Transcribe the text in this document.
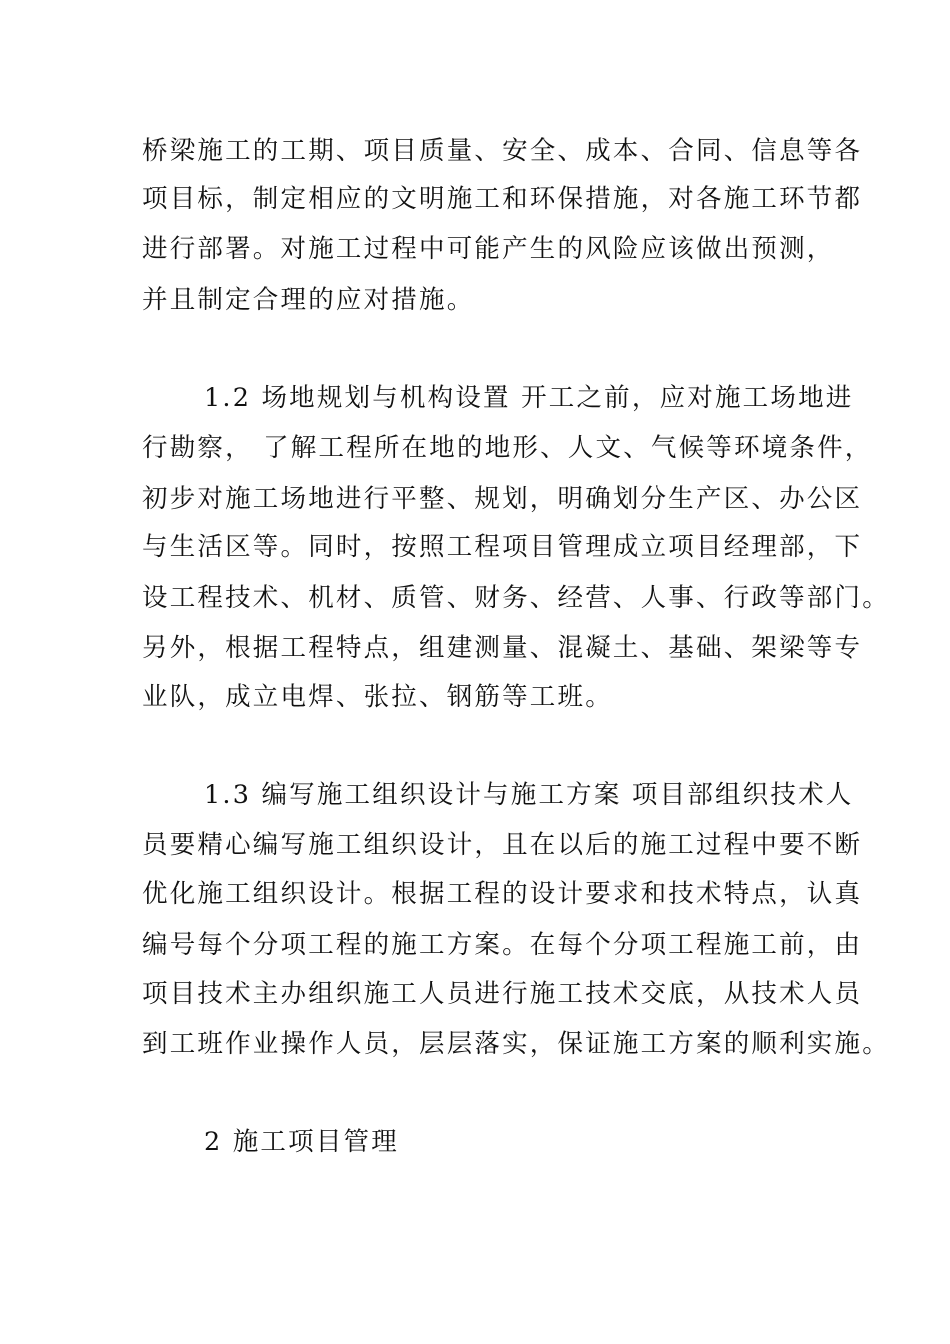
桥梁施工的工期、项目质量、安全、成本、合同、信息等各
项目标，制定相应的文明施工和环保措施，对各施工环节都
进行部署。对施工过程中可能产生的风险应该做出预测，
并且制定合理的应对措施。
1.2 场地规划与机构设置 开工之前，应对施工场地进
行勘察， 了解工程所在地的地形、人文、气候等环境条件，
初步对施工场地进行平整、规划，明确划分生产区、办公区
与生活区等。同时，按照工程项目管理成立项目经理部，下
设工程技术、机材、质管、财务、经营、人事、行政等部门。
另外，根据工程特点，组建测量、混凝土、基础、架梁等专
业队，成立电焊、张拉、钢筋等工班。
1.3 编写施工组织设计与施工方案 项目部组织技术人
员要精心编写施工组织设计，且在以后的施工过程中要不断
优化施工组织设计。根据工程的设计要求和技术特点，认真
编号每个分项工程的施工方案。在每个分项工程施工前，由
项目技术主办组织施工人员进行施工技术交底，从技术人员
到工班作业操作人员，层层落实，保证施工方案的顺利实施。
2 施工项目管理
